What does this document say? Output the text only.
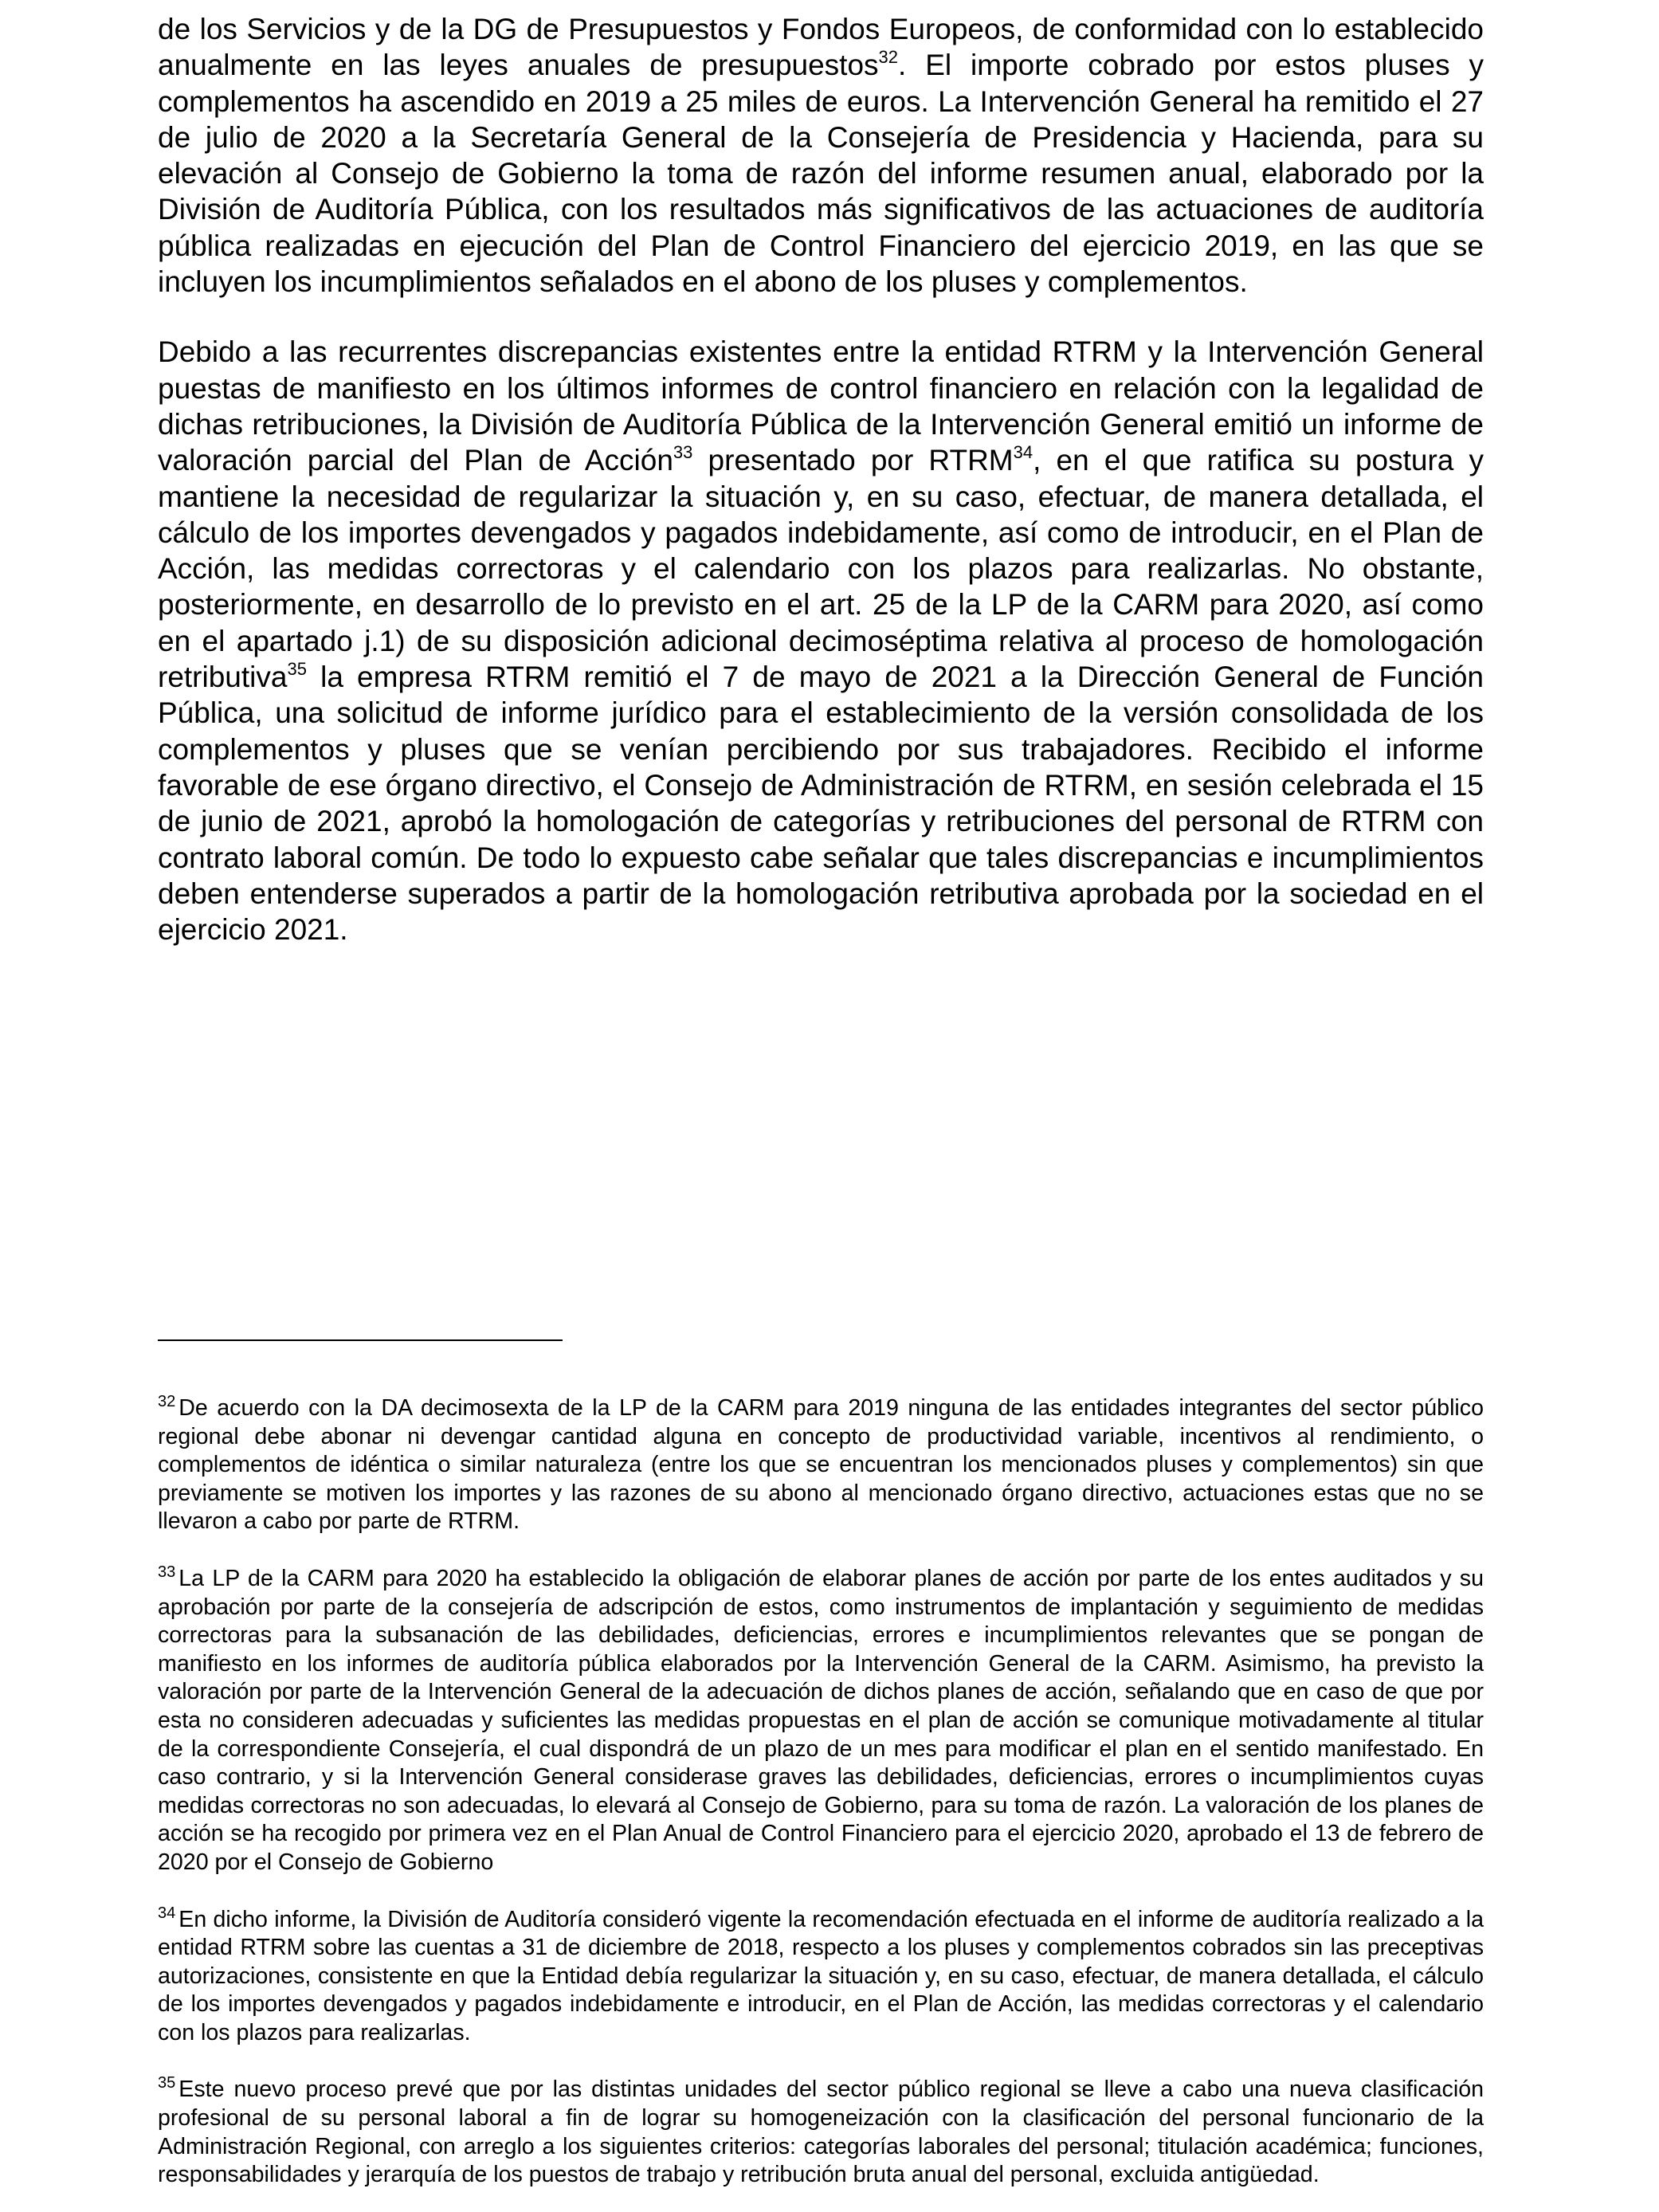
de los Servicios y de la DG de Presupuestos y Fondos Europeos, de conformidad con lo establecido anualmente en las leyes anuales de presupuestos$^{32}$. El importe cobrado por estos pluses y complementos ha ascendido en 2019 a 25 miles de euros. La Intervención General ha remitido el 27 de julio de 2020 a la Secretaría General de la Consejería de Presidencia y Hacienda, para su elevación al Consejo de Gobierno la toma de razón del informe resumen anual, elaborado por la División de Auditoría Pública, con los resultados más significativos de las actuaciones de auditoría pública realizadas en ejecución del Plan de Control Financiero del ejercicio 2019, en las que se incluyen los incumplimientos señalados en el abono de los pluses y complementos.

Debido a las recurrentes discrepancias existentes entre la entidad RTRM y la Intervención General puestas de manifiesto en los últimos informes de control financiero en relación con la legalidad de dichas retribuciones, la División de Auditoría Pública de la Intervención General emitió un informe de valoración parcial del Plan de Acción$^{33}$ presentado por RTRM$^{34}$, en el que ratifica su postura y mantiene la necesidad de regularizar la situación y, en su caso, efectuar, de manera detallada, el cálculo de los importes devengados y pagados indebidamente, así como de introducir, en el Plan de Acción, las medidas correctoras y el calendario con los plazos para realizarlas. No obstante, posteriormente, en desarrollo de lo previsto en el art. 25 de la LP de la CARM para 2020, así como en el apartado j.1) de su disposición adicional decimoséptima relativa al proceso de homologación retributiva$^{35}$ la empresa RTRM remitió el 7 de mayo de 2021 a la Dirección General de Función Pública, una solicitud de informe jurídico para el establecimiento de la versión consolidada de los complementos y pluses que se venían percibiendo por sus trabajadores. Recibido el informe favorable de ese órgano directivo, el Consejo de Administración de RTRM, en sesión celebrada el 15 de junio de 2021, aprobó la homologación de categorías y retribuciones del personal de RTRM con contrato laboral común. De todo lo expuesto cabe señalar que tales discrepancias e incumplimientos deben entenderse superados a partir de la homologación retributiva aprobada por la sociedad en el ejercicio 2021.

$^{32}$ De acuerdo con la DA decimosexta de la LP de la CARM para 2019 ninguna de las entidades integrantes del sector público regional debe abonar ni devengar cantidad alguna en concepto de productividad variable, incentivos al rendimiento, o complementos de idéntica o similar naturaleza (entre los que se encuentran los mencionados pluses y complementos) sin que previamente se motiven los importes y las razones de su abono al mencionado órgano directivo, actuaciones estas que no se llevaron a cabo por parte de RTRM.

$^{33}$ La LP de la CARM para 2020 ha establecido la obligación de elaborar planes de acción por parte de los entes auditados y su aprobación por parte de la consejería de adscripción de estos, como instrumentos de implantación y seguimiento de medidas correctoras para la subsanación de las debilidades, deficiencias, errores e incumplimientos relevantes que se pongan de manifiesto en los informes de auditoría pública elaborados por la Intervención General de la CARM. Asimismo, ha previsto la valoración por parte de la Intervención General de la adecuación de dichos planes de acción, señalando que en caso de que por esta no consideren adecuadas y suficientes las medidas propuestas en el plan de acción se comunique motivadamente al titular de la correspondiente Consejería, el cual dispondrá de un plazo de un mes para modificar el plan en el sentido manifestado. En caso contrario, y si la Intervención General considerase graves las debilidades, deficiencias, errores o incumplimientos cuyas medidas correctoras no son adecuadas, lo elevará al Consejo de Gobierno, para su toma de razón. La valoración de los planes de acción se ha recogido por primera vez en el Plan Anual de Control Financiero para el ejercicio 2020, aprobado el 13 de febrero de 2020 por el Consejo de Gobierno

$^{34}$ En dicho informe, la División de Auditoría consideró vigente la recomendación efectuada en el informe de auditoría realizado a la entidad RTRM sobre las cuentas a 31 de diciembre de 2018, respecto a los pluses y complementos cobrados sin las preceptivas autorizaciones, consistente en que la Entidad debía regularizar la situación y, en su caso, efectuar, de manera detallada, el cálculo de los importes devengados y pagados indebidamente e introducir, en el Plan de Acción, las medidas correctoras y el calendario con los plazos para realizarlas.

$^{35}$ Este nuevo proceso prevé que por las distintas unidades del sector público regional se lleve a cabo una nueva clasificación profesional de su personal laboral a fin de lograr su homogeneización con la clasificación del personal funcionario de la Administración Regional, con arreglo a los siguientes criterios: categorías laborales del personal; titulación académica; funciones, responsabilidades y jerarquía de los puestos de trabajo y retribución bruta anual del personal, excluida antigüedad.
